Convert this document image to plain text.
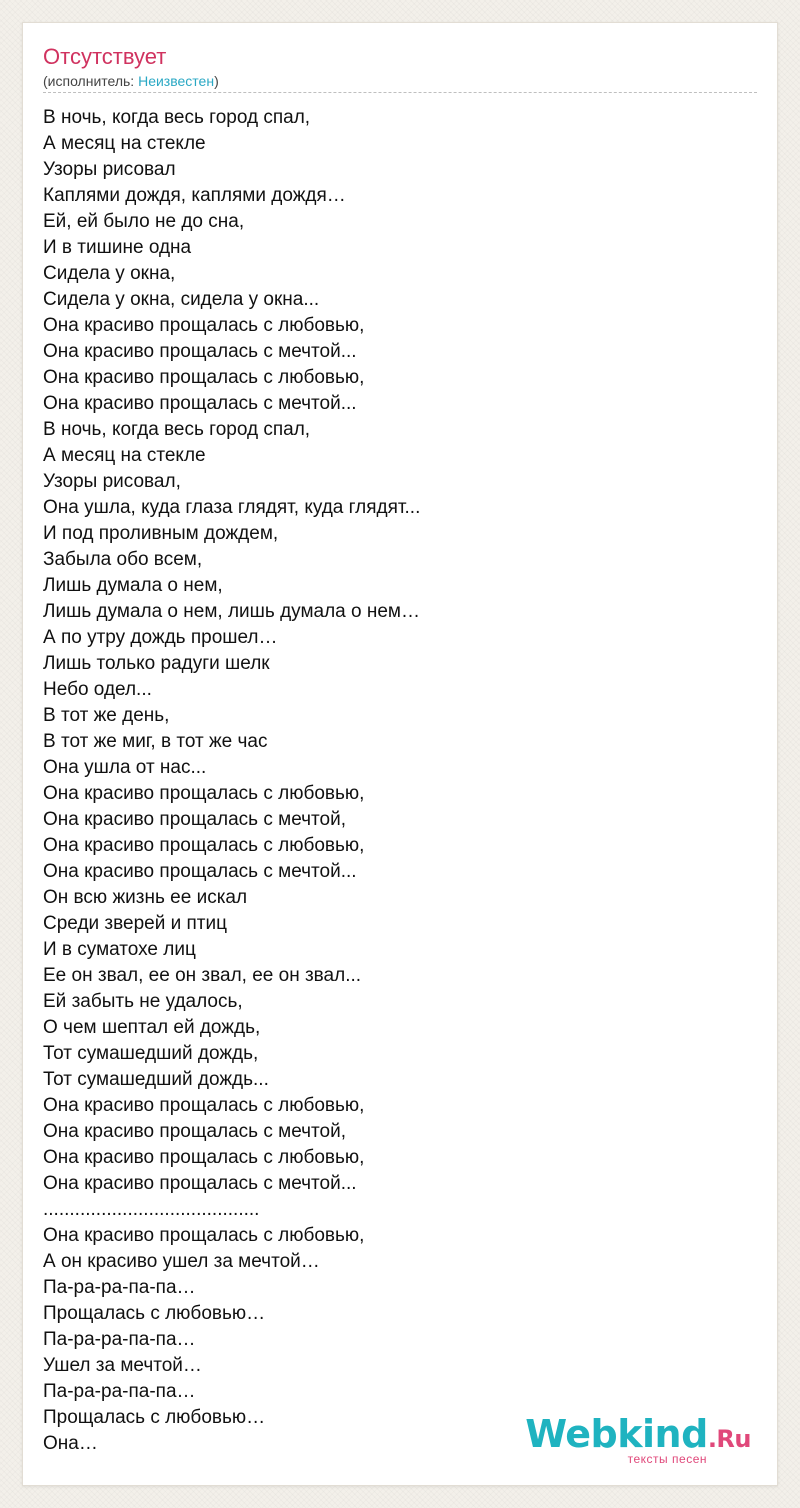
Отсутствует
(исполнитель: Неизвестен)
В ночь, когда весь город спал,
А месяц на стекле
Узоры рисовал
Каплями дождя, каплями дождя…
Ей, ей было не до сна,
И в тишине одна
Сидела у окна,
Сидела у окна, сидела у окна...
Она красиво прощалась с любовью,
Она красиво прощалась с мечтой...
Она красиво прощалась с любовью,
Она красиво прощалась с мечтой...
В ночь, когда весь город спал,
А месяц на стекле
Узоры рисовал,
Она ушла, куда глаза глядят, куда глядят...
И под проливным дождем,
Забыла обо всем,
Лишь думала о нем,
Лишь думала о нем, лишь думала о нем…
А по утру дождь прошел…
Лишь только радуги шелк
Небо одел...
В тот же день,
В тот же миг, в тот же час
Она ушла от нас...
Она красиво прощалась с любовью,
Она красиво прощалась с мечтой,
Она красиво прощалась с любовью,
Она красиво прощалась с мечтой...
Он всю жизнь ее искал
Среди зверей и птиц
И в суматохе лиц
Ее он звал, ее он звал, ее он звал...
Ей забыть не удалось,
О чем шептал ей дождь,
Тот сумашедший дождь,
Тот сумашедший дождь...
Она красиво прощалась с любовью,
Она красиво прощалась с мечтой,
Она красиво прощалась с любовью,
Она красиво прощалась с мечтой...
.........................................
Она красиво прощалась с любовью,
А он красиво ушел за мечтой…
Па-ра-ра-па-па…
Прощалась с любовью…
Па-ра-ра-па-па…
Ушел за мечтой…
Па-ра-ра-па-па…
Прощалась с любовью…
Она…	Webkind.Ru
тексты песен
